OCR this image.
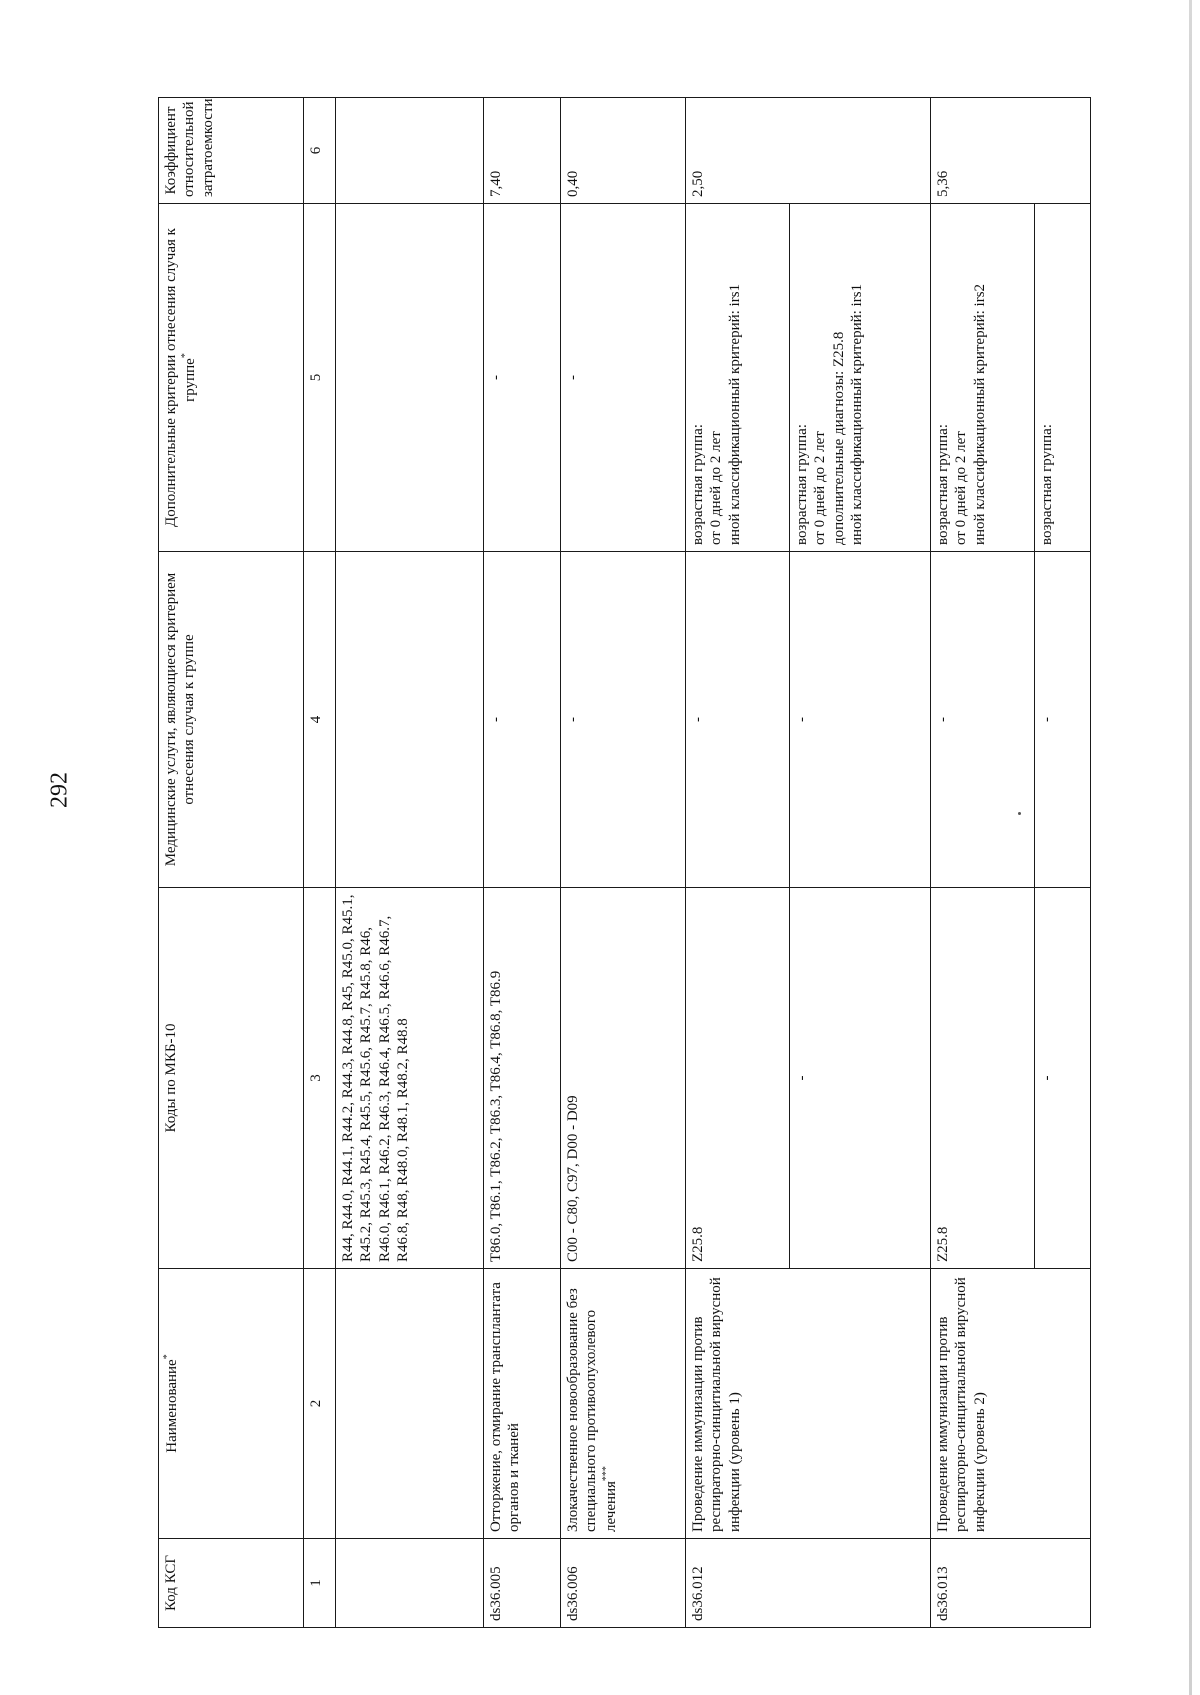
292
Код КСГ	Наименование*	Коды по МКБ-10	Медицинские услуги, являющиеся критерием отнесения случая к группе	Дополнительные критерии отнесения случая к группе*	Коэффициент относительной затратоемкости
1	2	3	4	5	6
		R44, R44.0, R44.1, R44.2, R44.3, R44.8, R45, R45.0, R45.1, R45.2, R45.3, R45.4, R45.5, R45.6, R45.7, R45.8, R46, R46.0, R46.1, R46.2, R46.3, R46.4, R46.5, R46.6, R46.7, R46.8, R48, R48.0, R48.1, R48.2, R48.8			
ds36.005	Отторжение, отмирание трансплантата органов и тканей	T86.0, T86.1, T86.2, T86.3, T86.4, T86.8, T86.9	-	-	7,40
ds36.006	Злокачественное новообразование без специального противоопухолевого лечения***	C00 - C80, C97, D00 - D09	-	-	0,40
ds36.012	Проведение иммунизации против респираторно-синцитиальной вирусной инфекции (уровень 1)	Z25.8	-	возрастная группа: от 0 дней до 2 лет иной классификационный критерий: irs1	2,50
		-	-	возрастная группа: от 0 дней до 2 лет дополнительные диагнозы: Z25.8 иной классификационный критерий: irs1	

ds36.013	Проведение иммунизации против респираторно-синцитиальной вирусной инфекции (уровень 2)	Z25.8	-	возрастная группа: от 0 дней до 2 лет иной классификационный критерий: irs2	5,36
		-	-	возрастная группа:	
